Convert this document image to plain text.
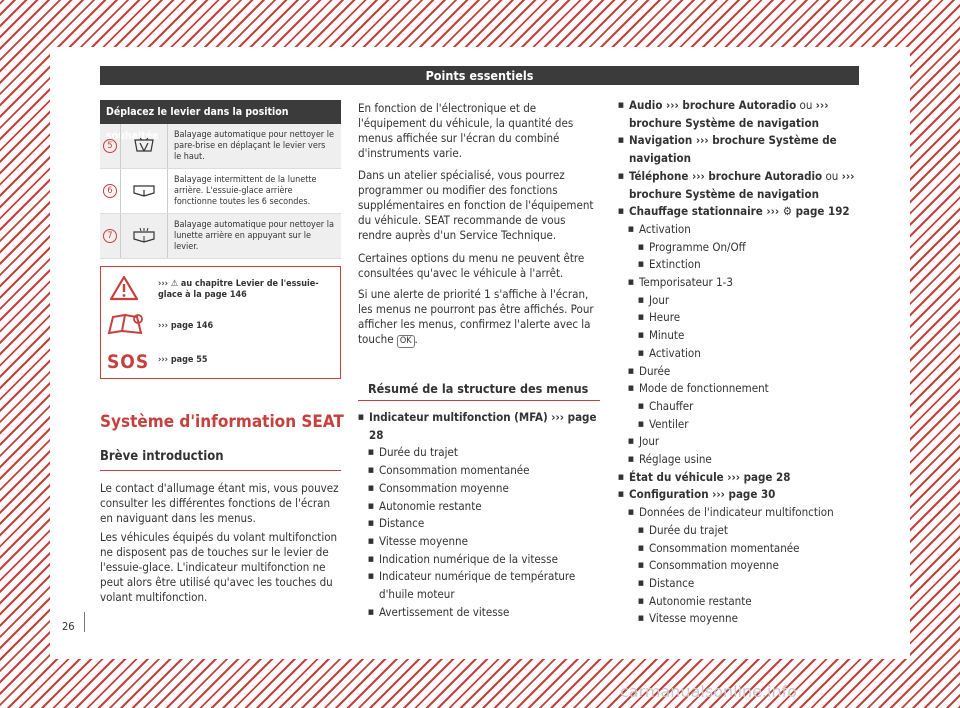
Points essentiels
Déplacez le levier dans la position souhaitée
5
Balayage automatique pour nettoyer le pare-brise en déplaçant le levier vers le haut.
6
Balayage intermittent de la lunette arrière. L'essuie-glace arrière fonctionne toutes les 6 secondes.
7
Balayage automatique pour nettoyer la lunette arrière en appuyant sur le levier.
SOS
››› ⚠ au chapitre Levier de l'essuie-glace à la page 146
››› page 146
››› page 55
Système d'information SEAT
Brève introduction

Le contact d'allumage étant mis, vous pouvez consulter les différentes fonctions de l'écran en naviguant dans les menus.

Les véhicules équipés du volant multifonction ne disposent pas de touches sur le levier de l'essuie-glace. L'indicateur multifonction ne peut alors être utilisé qu'avec les touches du volant multifonction.

En fonction de l'électronique et de l'équipement du véhicule, la quantité des menus affichée sur l'écran du combiné d'instruments varie.

Dans un atelier spécialisé, vous pourrez programmer ou modifier des fonctions supplémentaires en fonction de l'équipement du véhicule. SEAT recommande de vous rendre auprès d'un Service Technique.

Certaines options du menu ne peuvent être consultées qu'avec le véhicule à l'arrêt.

Si une alerte de priorité 1 s'affiche à l'écran, les menus ne pourront pas être affichés. Pour afficher les menus, confirmez l'alerte avec la touche OK .

Résumé de la structure des menus
■ Indicateur multifonction (MFA) ››› page 28
■ Durée du trajet
■ Consommation momentanée
■ Consommation moyenne
■ Autonomie restante
■ Distance
■ Vitesse moyenne
■ Indication numérique de la vitesse
■ Indicateur numérique de température d'huile moteur
■ Avertissement de vitesse
■ Audio ››› brochure Autoradio ou ››› brochure Système de navigation
■ Navigation ››› brochure Système de navigation
■ Téléphone ››› brochure Autoradio ou ››› brochure Système de navigation
■ Chauffage stationnaire ››› ⚙ page 192
■ Activation
■ Programme On/Off
■ Extinction
■ Temporisateur 1-3
■ Jour
■ Heure
■ Minute
■ Activation
■ Durée
■ Mode de fonctionnement
■ Chauffer
■ Ventiler
■ Jour
■ Réglage usine
■ État du véhicule ››› page 28
■ Configuration ››› page 30
■ Données de l'indicateur multifonction
■ Durée du trajet
■ Consommation momentanée
■ Consommation moyenne
■ Distance
■ Autonomie restante
■ Vitesse moyenne
26
carmanualsonline.info
